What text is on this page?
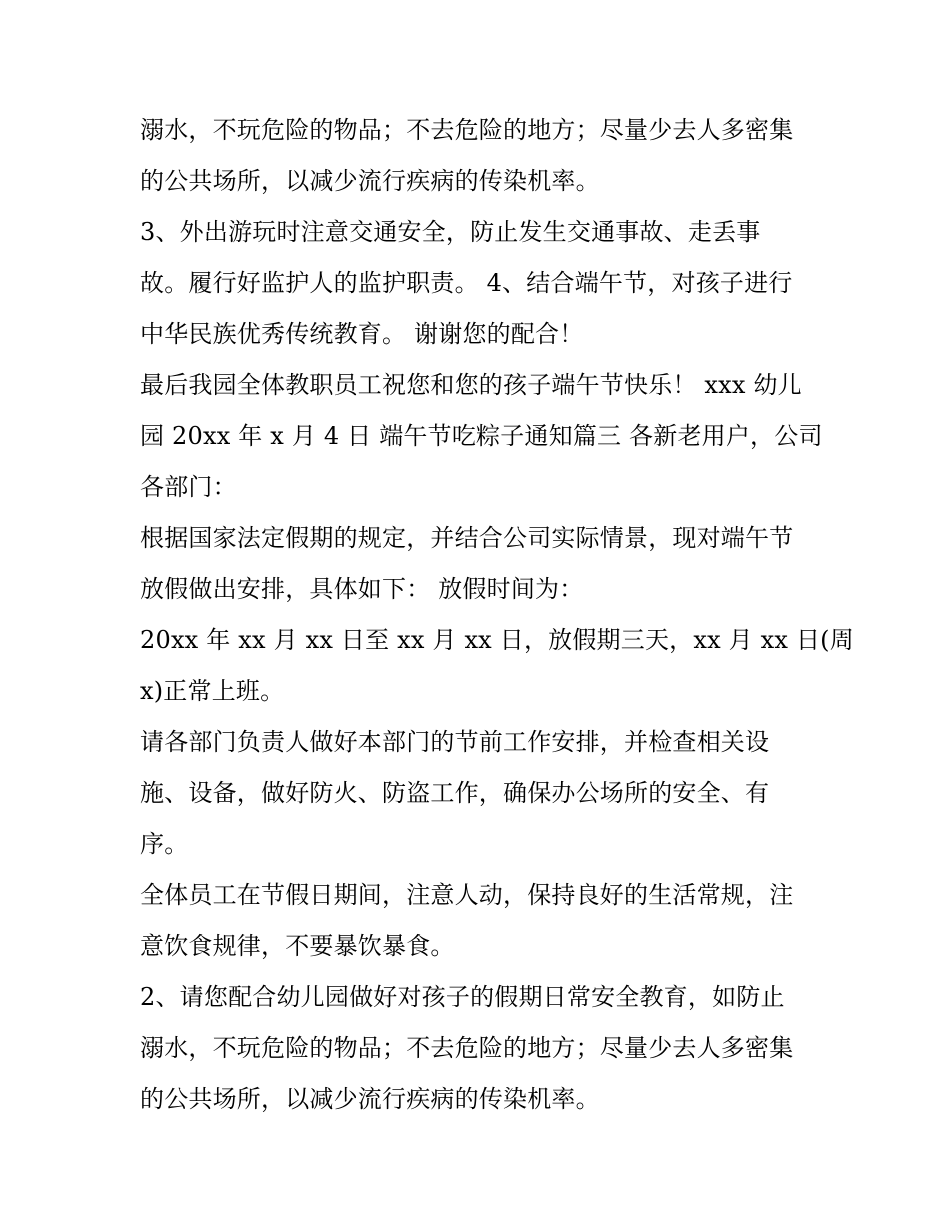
溺水，不玩危险的物品；不去危险的地方；尽量少去人多密集

的公共场所，以减少流行疾病的传染机率。

3、外出游玩时注意交通安全，防止发生交通事故、走丢事

故。履行好监护人的监护职责。 4、结合端午节，对孩子进行

中华民族优秀传统教育。 谢谢您的配合！

最后我园全体教职员工祝您和您的孩子端午节快乐！ xxx 幼儿

园 20xx 年 x 月 4 日 端午节吃粽子通知篇三 各新老用户，公司

各部门：

根据国家法定假期的规定，并结合公司实际情景，现对端午节

放假做出安排，具体如下： 放假时间为：

20xx 年 xx 月 xx 日至 xx 月 xx 日，放假期三天，xx 月 xx 日(周

x)正常上班。

请各部门负责人做好本部门的节前工作安排，并检查相关设

施、设备，做好防火、防盗工作，确保办公场所的安全、有

序。

全体员工在节假日期间，注意人动，保持良好的生活常规，注

意饮食规律，不要暴饮暴食。

2、请您配合幼儿园做好对孩子的假期日常安全教育，如防止

溺水，不玩危险的物品；不去危险的地方；尽量少去人多密集

的公共场所，以减少流行疾病的传染机率。
